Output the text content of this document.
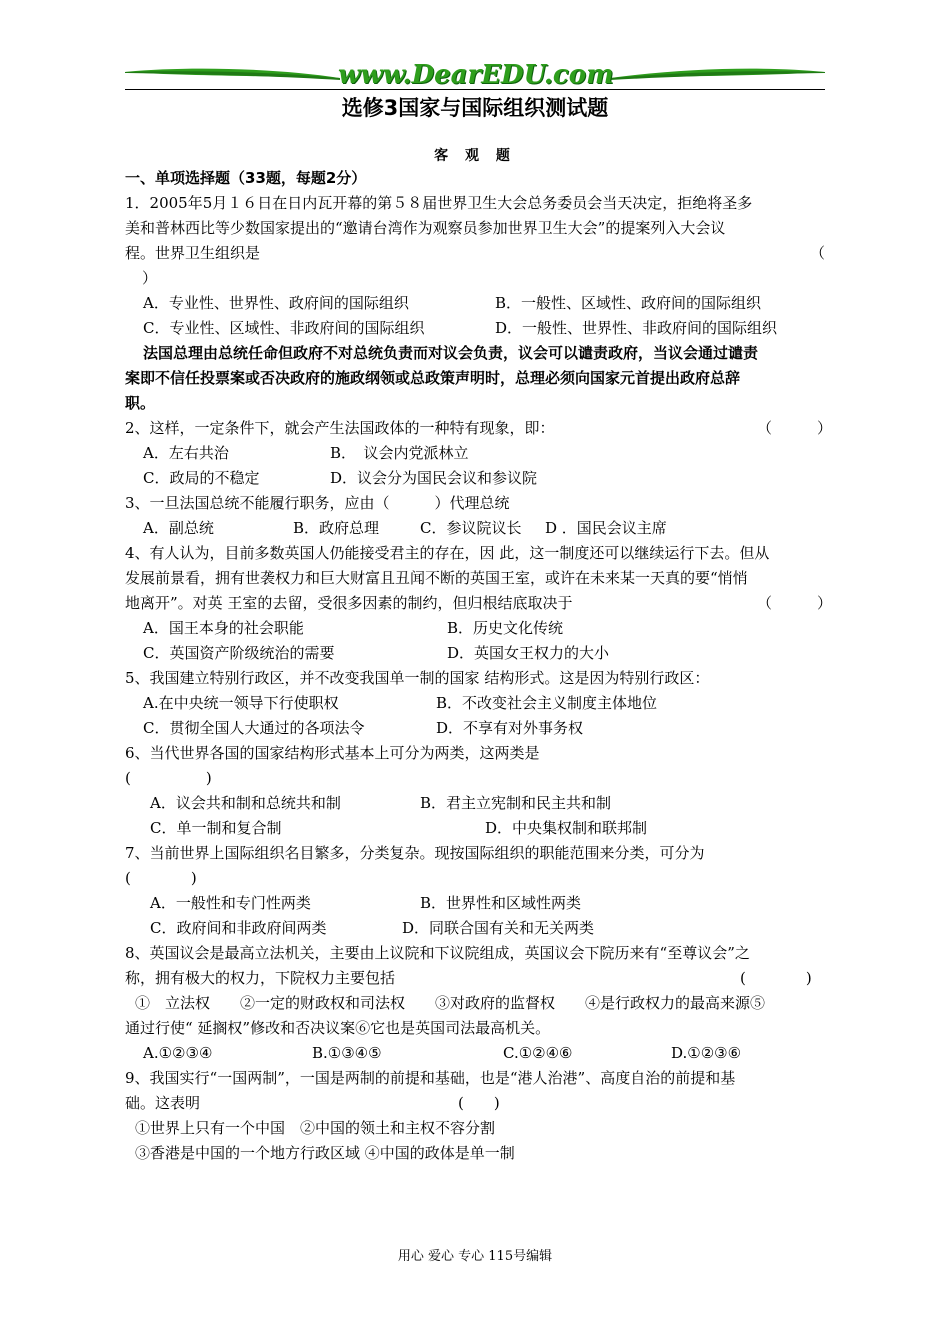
www.DearEDU.com
选修3国家与国际组织测试题
客 观 题
一、单项选择题（33题，每题2分）
1．2005年5月１６日在日内瓦开幕的第５８届世界卫生大会总务委员会当天决定，拒绝将圣多
美和普林西比等少数国家提出的“邀请台湾作为观察员参加世界卫生大会”的提案列入大会议
程。世界卫生组织是	（
）
A．专业性、世界性、政府间的国际组织	B．一般性、区域性、政府间的国际组织
C．专业性、区域性、非政府间的国际组织	D．一般性、世界性、非政府间的国际组织
法国总理由总统任命但政府不对总统负责而对议会负责，议会可以谴责政府，当议会通过谴责
案即不信任投票案或否决政府的施政纲领或总政策声明时，总理必须向国家元首提出政府总辞
职。
2、这样，一定条件下，就会产生法国政体的一种特有现象，即：	（　　　）
A．左右共治	B．　议会内党派林立
C．政局的不稳定	D．议会分为国民会议和参议院
3、一旦法国总统不能履行职务，应由（　　　）代理总统
A．副总统	B．政府总理	C．参议院议长 D ．国民会议主席
4、有人认为，目前多数英国人仍能接受君主的存在，因 此，这一制度还可以继续运行下去。但从
发展前景看，拥有世袭权力和巨大财富且丑闻不断的英国王室，或许在未来某一天真的要“悄悄
地离开”。对英 王室的去留，受很多因素的制约，但归根结底取决于	（　　　）
A．国王本身的社会职能	B．历史文化传统
C．英国资产阶级统治的需要	D．英国女王权力的大小
5、我国建立特别行政区，并不改变我国单一制的国家 结构形式。这是因为特别行政区：
A.在中央统一领导下行使职权	B．不改变社会主义制度主体地位
C．贯彻全国人大通过的各项法令	D．不享有对外事务权
6、当代世界各国的国家结构形式基本上可分为两类，这两类是
(　　　　　)
A．议会共和制和总统共和制	B．君主立宪制和民主共和制
C．单一制和复合制	D．中央集权制和联邦制
7、当前世界上国际组织名目繁多，分类复杂。现按国际组织的职能范围来分类，可分为
(　　　　)
A．一般性和专门性两类	B．世界性和区域性两类
C．政府间和非政府间两类	D．同联合国有关和无关两类
8、英国议会是最高立法机关，主要由上议院和下议院组成，英国议会下院历来有“至尊议会”之
称，拥有极大的权力，下院权力主要包括	(　　　　)
①　立法权　　②一定的财政权和司法权　　③对政府的监督权　　④是行政权力的最高来源⑤
通过行使“ 延搁权”修改和否决议案⑥它也是英国司法最高机关。
A.①②③④	B.①③④⑤	C.①②④⑥	D.①②③⑥
9、我国实行“一国两制”，一国是两制的前提和基础，也是“港人治港”、高度自治的前提和基
础。这表明	(　　)
①世界上只有一个中国　②中国的领土和主权不容分割
③香港是中国的一个地方行政区域 ④中国的政体是单一制
用心 爱心 专心 115号编辑
